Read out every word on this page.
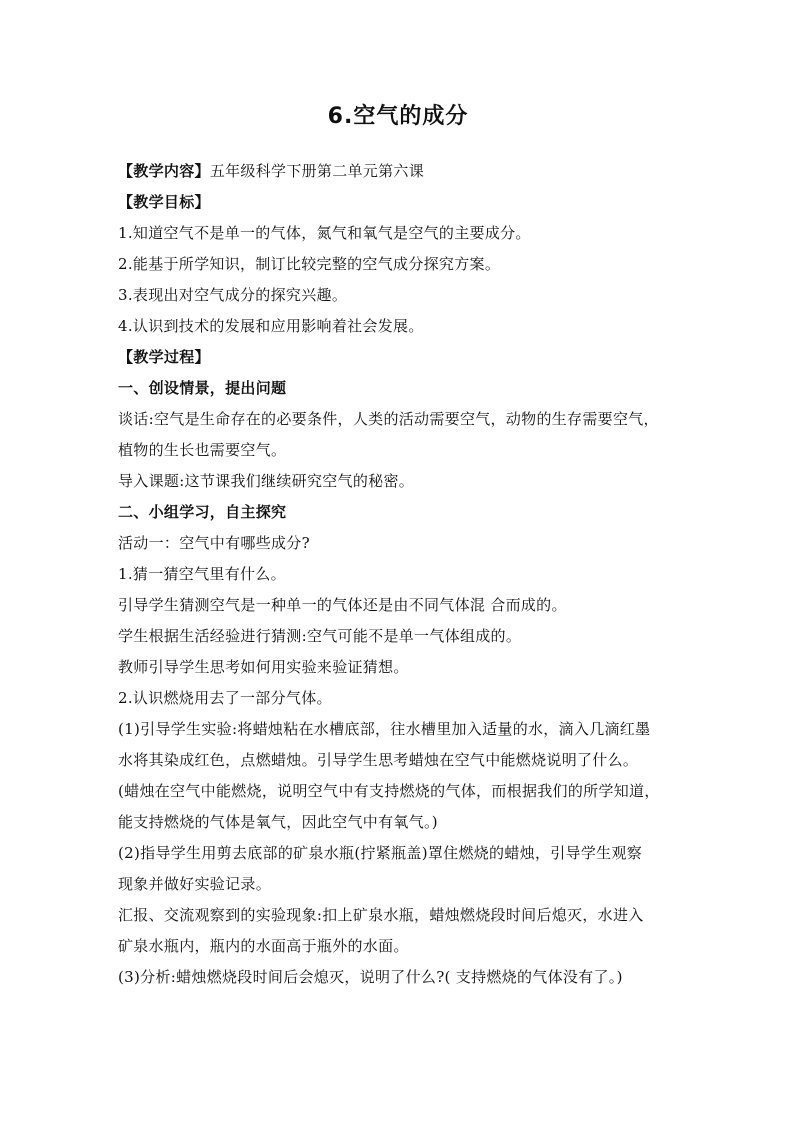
6.空气的成分
【教学内容】五年级科学下册第二单元第六课
【教学目标】
1.知道空气不是单一的气体，氮气和氧气是空气的主要成分。
2.能基于所学知识，制订比较完整的空气成分探究方案。
3.表现出对空气成分的探究兴趣。
4.认识到技术的发展和应用影响着社会发展。
【教学过程】
一、创设情景，提出问题
谈话:空气是生命存在的必要条件，人类的活动需要空气，动物的生存需要空气，
植物的生长也需要空气。
导入课题:这节课我们继续研究空气的秘密。
二、小组学习，自主探究
活动一：空气中有哪些成分?
1.猜一猜空气里有什么。
引导学生猜测空气是一种单一的气体还是由不同气体混 合而成的。
学生根据生活经验进行猜测:空气可能不是单一气体组成的。
教师引导学生思考如何用实验来验证猜想。
2.认识燃烧用去了一部分气体。
(1)引导学生实验:将蜡烛粘在水槽底部，往水槽里加入适量的水，滴入几滴红墨
水将其染成红色，点燃蜡烛。引导学生思考蜡烛在空气中能燃烧说明了什么。
(蜡烛在空气中能燃烧，说明空气中有支持燃烧的气体，而根据我们的所学知道，
能支持燃烧的气体是氧气，因此空气中有氧气。)
(2)指导学生用剪去底部的矿泉水瓶(拧紧瓶盖)罩住燃烧的蜡烛，引导学生观察
现象并做好实验记录。
汇报、交流观察到的实验现象:扣上矿泉水瓶，蜡烛燃烧段时间后熄灭，水进入
矿泉水瓶内，瓶内的水面高于瓶外的水面。
(3)分析:蜡烛燃烧段时间后会熄灭，说明了什么?( 支持燃烧的气体没有了。)
